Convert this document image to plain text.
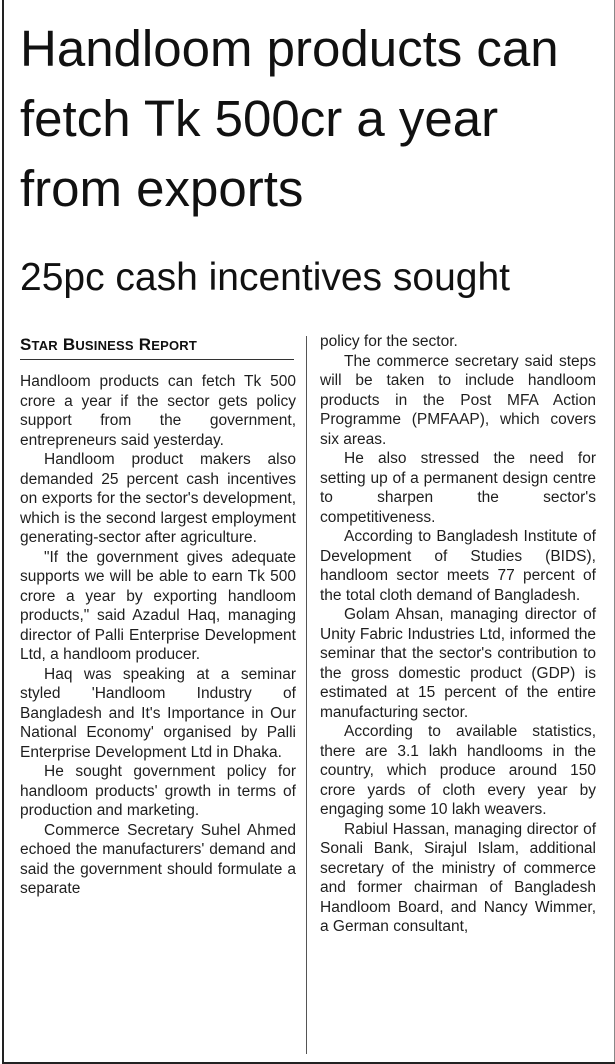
Handloom products can fetch Tk 500cr a year from exports
25pc cash incentives sought
STAR BUSINESS REPORT

Handloom products can fetch Tk 500 crore a year if the sector gets policy support from the government, entrepreneurs said yesterday.

Handloom product makers also demanded 25 percent cash incentives on exports for the sector's development, which is the second largest employment generating-sector after agriculture.

"If the government gives adequate supports we will be able to earn Tk 500 crore a year by exporting handloom products," said Azadul Haq, managing director of Palli Enterprise Development Ltd, a handloom producer.

Haq was speaking at a seminar styled 'Handloom Industry of Bangladesh and It's Importance in Our National Economy' organised by Palli Enterprise Development Ltd in Dhaka.

He sought government policy for handloom products' growth in terms of production and marketing.

Commerce Secretary Suhel Ahmed echoed the manufacturers' demand and said the government should formulate a separate

policy for the sector.

The commerce secretary said steps will be taken to include handloom products in the Post MFA Action Programme (PMFAAP), which covers six areas.

He also stressed the need for setting up of a permanent design centre to sharpen the sector's competitiveness.

According to Bangladesh Institute of Development of Studies (BIDS), handloom sector meets 77 percent of the total cloth demand of Bangladesh.

Golam Ahsan, managing director of Unity Fabric Industries Ltd, informed the seminar that the sector's contribution to the gross domestic product (GDP) is estimated at 15 percent of the entire manufacturing sector.

According to available statistics, there are 3.1 lakh handlooms in the country, which produce around 150 crore yards of cloth every year by engaging some 10 lakh weavers.

Rabiul Hassan, managing director of Sonali Bank, Sirajul Islam, additional secretary of the ministry of commerce and former chairman of Bangladesh Handloom Board, and Nancy Wimmer, a German consultant,
